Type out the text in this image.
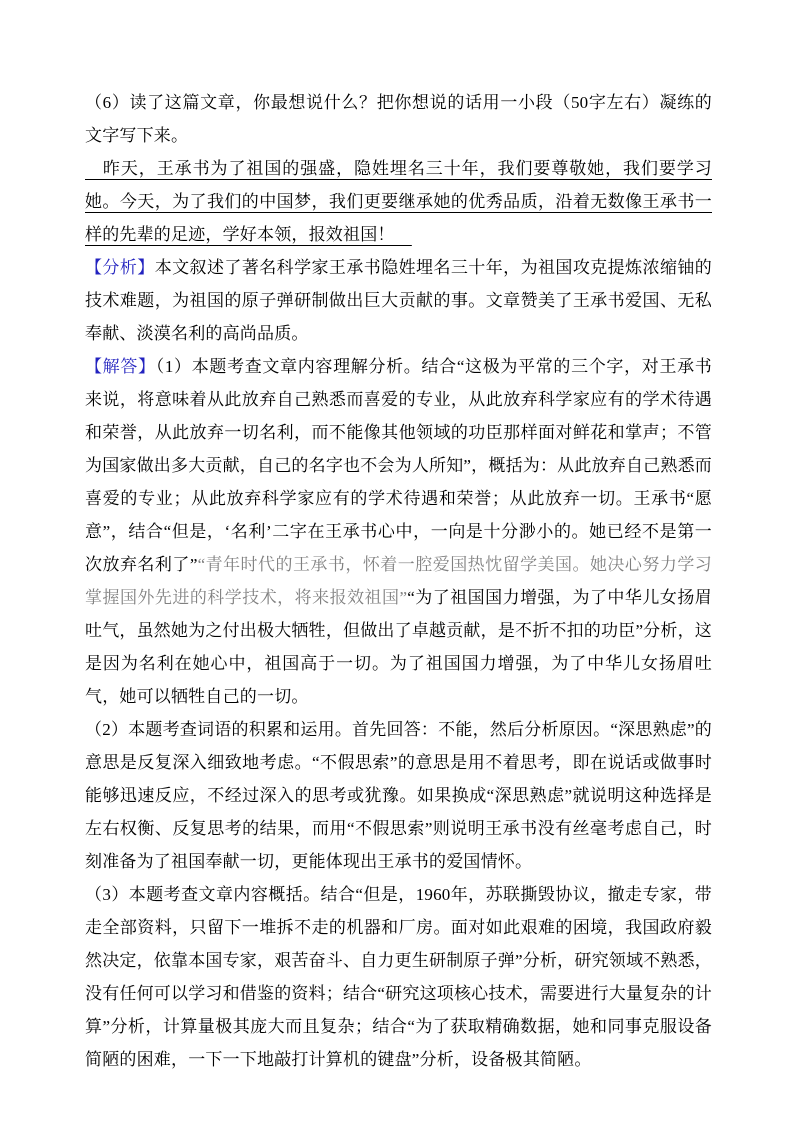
（6）读了这篇文章，你最想说什么？把你想说的话用一小段（50字左右）凝练的文字写下来。

　昨天，王承书为了祖国的强盛，隐姓埋名三十年，我们要尊敬她，我们要学习她。今天，为了我们的中国梦，我们更要继承她的优秀品质，沿着无数像王承书一样的先辈的足迹，学好本领，报效祖国！　

【分析】本文叙述了著名科学家王承书隐姓埋名三十年，为祖国攻克提炼浓缩铀的技术难题，为祖国的原子弹研制做出巨大贡献的事。文章赞美了王承书爱国、无私奉献、淡漠名利的高尚品质。

【解答】（1）本题考查文章内容理解分析。结合“这极为平常的三个字，对王承书来说，将意味着从此放弃自己熟悉而喜爱的专业，从此放弃科学家应有的学术待遇和荣誉，从此放弃一切名利，而不能像其他领域的功臣那样面对鲜花和掌声；不管为国家做出多大贡献，自己的名字也不会为人所知”，概括为：从此放弃自己熟悉而喜爱的专业；从此放弃科学家应有的学术待遇和荣誉；从此放弃一切。王承书“愿意”，结合“但是，‘名利’二字在王承书心中，一向是十分渺小的。她已经不是第一次放弃名利了”“青年时代的王承书，怀着一腔爱国热忱留学美国。她决心努力学习掌握国外先进的科学技术，将来报效祖国”“为了祖国国力增强，为了中华儿女扬眉吐气，虽然她为之付出极大牺牲，但做出了卓越贡献，是不折不扣的功臣”分析，这是因为名利在她心中，祖国高于一切。为了祖国国力增强，为了中华儿女扬眉吐气，她可以牺牲自己的一切。

（2）本题考查词语的积累和运用。首先回答：不能，然后分析原因。“深思熟虑”的意思是反复深入细致地考虑。“不假思索”的意思是用不着思考，即在说话或做事时能够迅速反应，不经过深入的思考或犹豫。如果换成“深思熟虑”就说明这种选择是左右权衡、反复思考的结果，而用“不假思索”则说明王承书没有丝毫考虑自己，时刻准备为了祖国奉献一切，更能体现出王承书的爱国情怀。

（3）本题考查文章内容概括。结合“但是，1960年，苏联撕毁协议，撤走专家，带走全部资料，只留下一堆拆不走的机器和厂房。面对如此艰难的困境，我国政府毅然决定，依靠本国专家，艰苦奋斗、自力更生研制原子弹”分析，研究领域不熟悉，没有任何可以学习和借鉴的资料；结合“研究这项核心技术，需要进行大量复杂的计算”分析，计算量极其庞大而且复杂；结合“为了获取精确数据，她和同事克服设备简陋的困难，一下一下地敲打计算机的键盘”分析，设备极其简陋。
